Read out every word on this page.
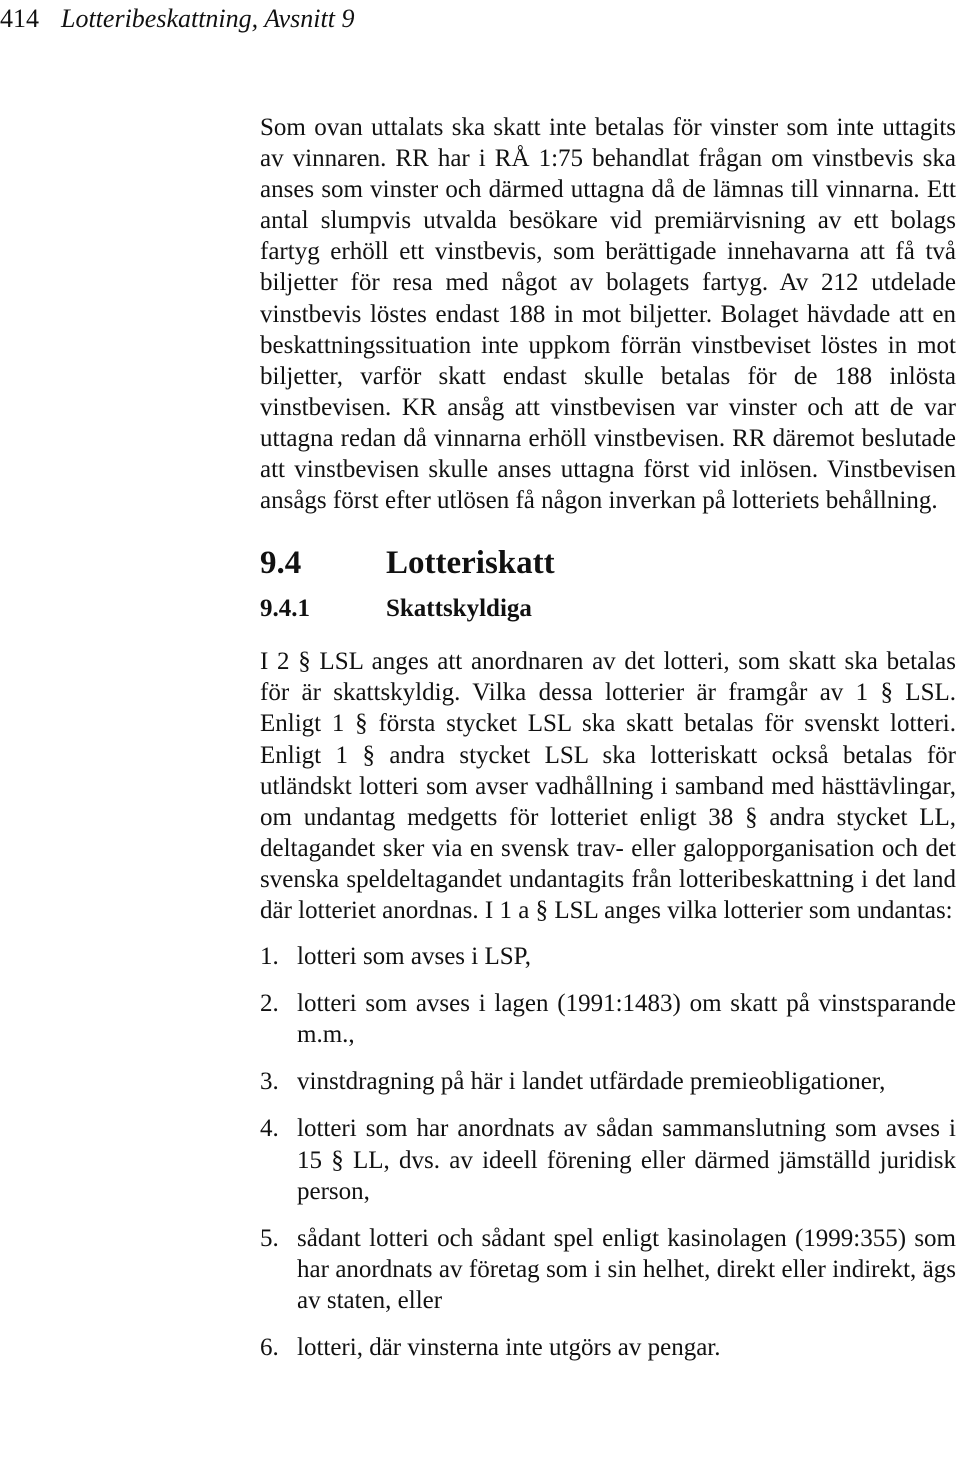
414 Lotteribeskattning, Avsnitt 9

Som ovan uttalats ska skatt inte betalas för vinster som inte uttagits av vinnaren. RR har i RÅ 1:75 behandlat frågan om vinstbevis ska anses som vinster och därmed uttagna då de lämnas till vinnarna. Ett antal slumpvis utvalda besökare vid premiärvisning av ett bolags fartyg erhöll ett vinstbevis, som berättigade innehavarna att få två biljetter för resa med något av bolagets fartyg. Av 212 utdelade vinstbevis löstes endast 188 in mot biljetter. Bolaget hävdade att en beskattningssituation inte uppkom förrän vinstbeviset löstes in mot biljetter, varför skatt endast skulle betalas för de 188 inlösta vinstbevisen. KR ansåg att vinstbevisen var vinster och att de var uttagna redan då vinnarna erhöll vinstbevisen. RR däremot beslutade att vinstbevisen skulle anses uttagna först vid inlösen. Vinstbevisen ansågs först efter utlösen få någon inverkan på lotteriets behållning.

9.4	Lotteriskatt
9.4.1	Skattskyldiga

I 2 § LSL anges att anordnaren av det lotteri, som skatt ska betalas för är skattskyldig. Vilka dessa lotterier är framgår av 1 § LSL. Enligt 1 § första stycket LSL ska skatt betalas för svenskt lotteri. Enligt 1 § andra stycket LSL ska lotteriskatt också betalas för utländskt lotteri som avser vadhållning i samband med hästtävlingar, om undantag medgetts för lotteriet enligt 38 § andra stycket LL, deltagandet sker via en svensk trav- eller galopporganisation och det svenska speldeltagandet undantagits från lotteribeskattning i det land där lotteriet anordnas. I 1 a § LSL anges vilka lotterier som undantas:

1. lotteri som avses i LSP,
2. lotteri som avses i lagen (1991:1483) om skatt på vinstsparande m.m.,
3. vinstdragning på här i landet utfärdade premieobligationer,
4. lotteri som har anordnats av sådan sammanslutning som avses i 15 § LL, dvs. av ideell förening eller därmed jämställd juridisk person,
5. sådant lotteri och sådant spel enligt kasinolagen (1999:355) som har anordnats av företag som i sin helhet, direkt eller indirekt, ägs av staten, eller
6. lotteri, där vinsterna inte utgörs av pengar.
